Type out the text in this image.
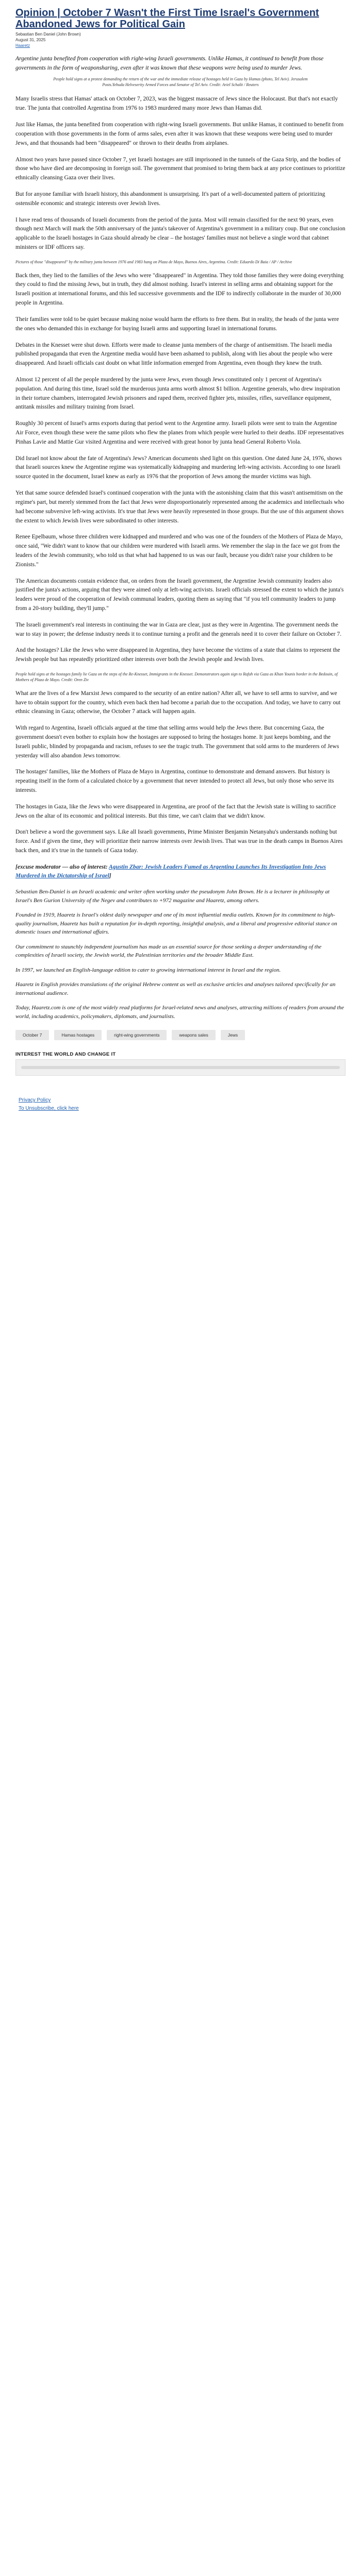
Opinion | October 7 Wasn't the First Time Israel's Government Abandoned Jews for Political Gain
Sebastian Ben Daniel (John Brown)
August 31, 2025
Haaretz
Argentine junta benefited from cooperation with right-wing Israeli governments. Unlike Hamas, it continued to benefit from those governments in the form of weaponsharing, even after it was known that these weapons were being used to murder Jews.
People hold signs at a protest demanding the return of the war and the immediate release of hostages held in Gaza by Hamas (photo, Tel Aviv). Jerusalem Posts.Yehuda Helveserity Armed Forces and Senator of Tel Aviv. Credit: Ariel Schalit / Reuters

Many Israelis stress that Hamas' attack on October 7, 2023, was the biggest massacre of Jews since the Holocaust. But that's not exactly true. The junta that controlled Argentina from 1976 to 1983 murdered many more Jews than Hamas did.

Just like Hamas, the junta benefited from cooperation with right-wing Israeli governments. But unlike Hamas, it continued to benefit from cooperation with those governments in the form of arms sales, even after it was known that these weapons were being used to murder Jews, and that thousands had been "disappeared" or thrown to their deaths from airplanes.

Almost two years have passed since October 7, yet Israeli hostages are still imprisoned in the tunnels of the Gaza Strip, and the bodies of those who have died are decomposing in foreign soil. The government that promised to bring them back at any price continues to prioritize ethnically cleansing Gaza over their lives.

But for anyone familiar with Israeli history, this abandonment is unsurprising. It's part of a well-documented pattern of prioritizing ostensible economic and strategic interests over Jewish lives.

I have read tens of thousands of Israeli documents from the period of the junta. Most will remain classified for the next 90 years, even though next March will mark the 50th anniversary of the junta's takeover of Argentina's government in a military coup. But one conclusion applicable to the Israeli hostages in Gaza should already be clear – the hostages' families must not believe a single word that cabinet ministers or IDF officers say.

Pictures of those "disappeared" by the military junta between 1976 and 1983 hang on Plaza de Mayo, Buenos Aires, Argentina. Credit: Eduardo Di Baia / AP / Archive

Back then, they lied to the families of the Jews who were "disappeared" in Argentina. They told those families they were doing everything they could to find the missing Jews, but in truth, they did almost nothing. Israel's interest in selling arms and obtaining support for the Israeli position at international forums, and this led successive governments and the IDF to indirectly collaborate in the murder of 30,000 people in Argentina.

Their families were told to be quiet because making noise would harm the efforts to free them. But in reality, the heads of the junta were the ones who demanded this in exchange for buying Israeli arms and supporting Israel in international forums.

Debates in the Knesset were shut down. Efforts were made to cleanse junta members of the charge of antisemitism. The Israeli media published propaganda that even the Argentine media would have been ashamed to publish, along with lies about the people who were disappeared. And Israeli officials cast doubt on what little information emerged from Argentina, even though they knew the truth.

Almost 12 percent of all the people murdered by the junta were Jews, even though Jews constituted only 1 percent of Argentina's population. And during this time, Israel sold the murderous junta arms worth almost $1 billion. Argentine generals, who drew inspiration in their torture chambers, interrogated Jewish prisoners and raped them, received fighter jets, missiles, rifles, surveillance equipment, antitank missiles and military training from Israel.

Roughly 30 percent of Israel's arms exports during that period went to the Argentine army. Israeli pilots were sent to train the Argentine Air Force, even though these were the same pilots who flew the planes from which people were hurled to their deaths. IDF representatives Pinhas Lavie and Mattie Gur visited Argentina and were received with great honor by junta head General Roberto Viola.

Did Israel not know about the fate of Argentina's Jews? American documents shed light on this question. One dated June 24, 1976, shows that Israeli sources knew the Argentine regime was systematically kidnapping and murdering left-wing activists. According to one Israeli source quoted in the document, Israel knew as early as 1976 that the proportion of Jews among the murder victims was high.

Yet that same source defended Israel's continued cooperation with the junta with the astonishing claim that this wasn't antisemitism on the regime's part, but merely stemmed from the fact that Jews were disproportionately represented among the academics and intellectuals who had become subversive left-wing activists. It's true that Jews were heavily represented in those groups. But the use of this argument shows the extent to which Jewish lives were subordinated to other interests.

Renee Epelbaum, whose three children were kidnapped and murdered and who was one of the founders of the Mothers of Plaza de Mayo, once said, "We didn't want to know that our children were murdered with Israeli arms. We remember the slap in the face we got from the leaders of the Jewish community, who told us that what had happened to us was our fault, because you didn't raise your children to be Zionists."

The American documents contain evidence that, on orders from the Israeli government, the Argentine Jewish community leaders also justified the junta's actions, arguing that they were aimed only at left-wing activists. Israeli officials stressed the extent to which the junta's leaders were proud of the cooperation of Jewish communal leaders, quoting them as saying that "if you tell community leaders to jump from a 20-story building, they'll jump."

The Israeli government's real interests in continuing the war in Gaza are clear, just as they were in Argentina. The government needs the war to stay in power; the defense industry needs it to continue turning a profit and the generals need it to cover their failure on October 7.

And the hostages? Like the Jews who were disappeared in Argentina, they have become the victims of a state that claims to represent the Jewish people but has repeatedly prioritized other interests over both the Jewish people and Jewish lives.

People hold signs at the hostages family lie Gaza on the steps of the Re-Knesset, Immigrants in the Knesset. Demonstrators again sign to Rafah via Gaza as Khan Younis border in the Bedouin, of Mothers of Plaza de Mayo. Credit: Oren Ziv

What are the lives of a few Marxist Jews compared to the security of an entire nation? After all, we have to sell arms to survive, and we have to obtain support for the country, which even back then had become a pariah due to the occupation. And today, we have to carry out ethnic cleansing in Gaza; otherwise, the October 7 attack will happen again.

With regard to Argentina, Israeli officials argued at the time that selling arms would help the Jews there. But concerning Gaza, the government doesn't even bother to explain how the hostages are supposed to bring the hostages home. It just keeps bombing, and the Israeli public, blinded by propaganda and racism, refuses to see the tragic truth. The government that sold arms to the murderers of Jews yesterday will also abandon Jews tomorrow.

The hostages' families, like the Mothers of Plaza de Mayo in Argentina, continue to demonstrate and demand answers. But history is repeating itself in the form of a calculated choice by a government that never intended to protect all Jews, but only those who serve its interests.

The hostages in Gaza, like the Jews who were disappeared in Argentina, are proof of the fact that the Jewish state is willing to sacrifice Jews on the altar of its economic and political interests. But this time, we can't claim that we didn't know.

Don't believe a word the government says. Like all Israeli governments, Prime Minister Benjamin Netanyahu's understands nothing but force. And if given the time, they will prioritize their narrow interests over Jewish lives. That was true in the death camps in Buenos Aires back then, and it's true in the tunnels of Gaza today.

[excuse moderator — also of interest: Agustin Zbar: Jewish Leaders Fumed as Argentina Launches Its Investigation Into Jews Murdered in the Dictatorship of Israel]

Sebastian Ben-Daniel is an Israeli academic and writer often working under the pseudonym John Brown. He is a lecturer in philosophy at Israel's Ben Gurion University of the Negev and contributes to +972 magazine and Haaretz, among others.

Founded in 1919, Haaretz is Israel's oldest daily newspaper and one of its most influential media outlets. Known for its commitment to high-quality journalism, Haaretz has built a reputation for in-depth reporting, insightful analysis, and a liberal and progressive editorial stance on domestic issues and international affairs.

Our commitment to staunchly independent journalism has made us an essential source for those seeking a deeper understanding of the complexities of Israeli society, the Jewish world, the Palestinian territories and the broader Middle East.

In 1997, we launched an English-language edition to cater to growing international interest in Israel and the region.

Haaretz in English provides translations of the original Hebrew content as well as exclusive articles and analyses tailored specifically for an international audience.

Today, Haaretz.com is one of the most widely read platforms for Israel-related news and analyses, attracting millions of readers from around the world, including academics, policymakers, diplomats, and journalists.

October 7	Hamas hostages	right-wing governments	weapons sales	Jews
INTEREST THE WORLD AND CHANGE IT
Privacy Policy
To Unsubscribe, click here
